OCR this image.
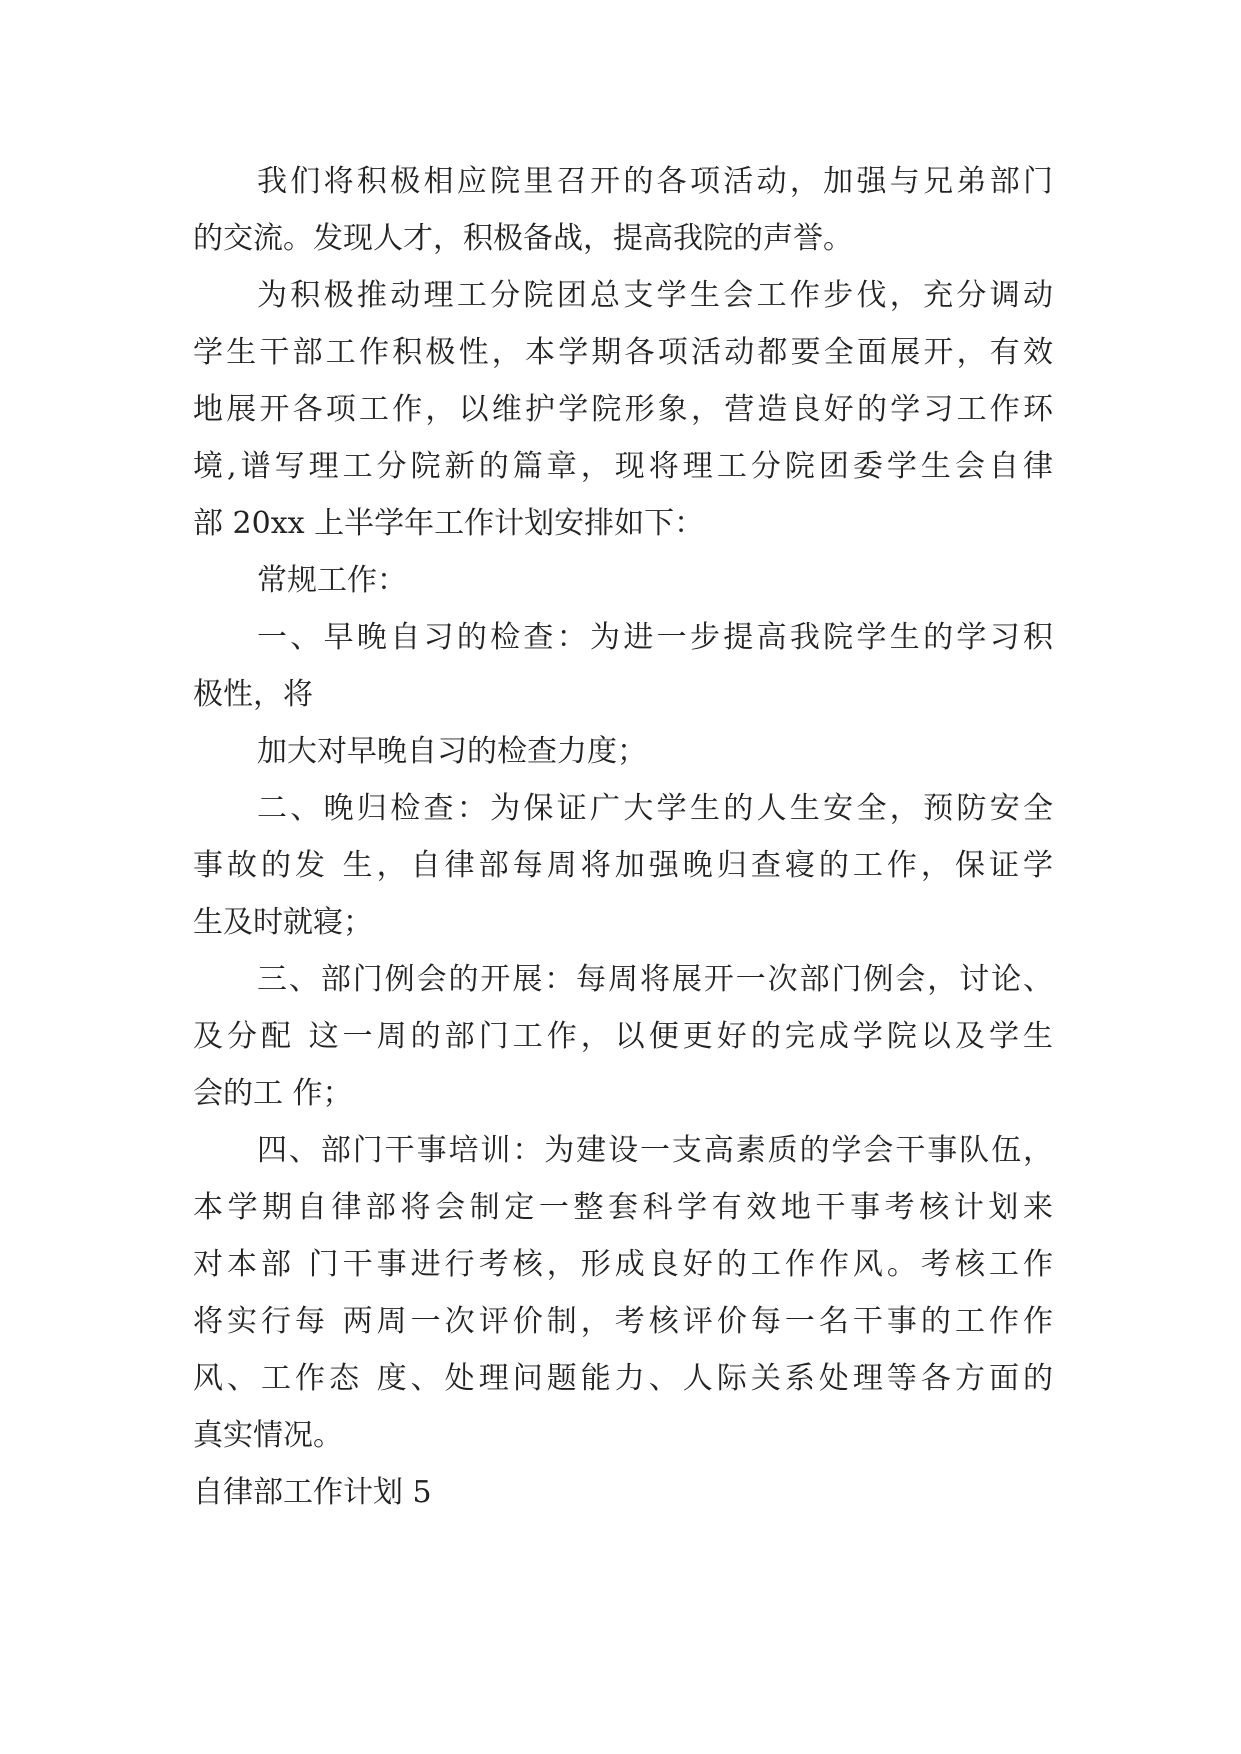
我们将积极相应院里召开的各项活动，加强与兄弟部门
的交流。发现人才，积极备战，提高我院的声誉。
为积极推动理工分院团总支学生会工作步伐，充分调动
学生干部工作积极性，本学期各项活动都要全面展开，有效
地展开各项工作，以维护学院形象，营造良好的学习工作环
境,谱写理工分院新的篇章，现将理工分院团委学生会自律
部 20xx 上半学年工作计划安排如下：
常规工作：
一、早晚自习的检查：为进一步提高我院学生的学习积
极性，将
加大对早晚自习的检查力度；
二、晚归检查：为保证广大学生的人生安全，预防安全
事故的发 生，自律部每周将加强晚归查寝的工作，保证学
生及时就寝；
三、部门例会的开展：每周将展开一次部门例会，讨论、
及分配 这一周的部门工作，以便更好的完成学院以及学生
会的工 作；
四、部门干事培训：为建设一支高素质的学会干事队伍，
本学期自律部将会制定一整套科学有效地干事考核计划来
对本部 门干事进行考核，形成良好的工作作风。考核工作
将实行每 两周一次评价制，考核评价每一名干事的工作作
风、工作态 度、处理问题能力、人际关系处理等各方面的
真实情况。
自律部工作计划 5
